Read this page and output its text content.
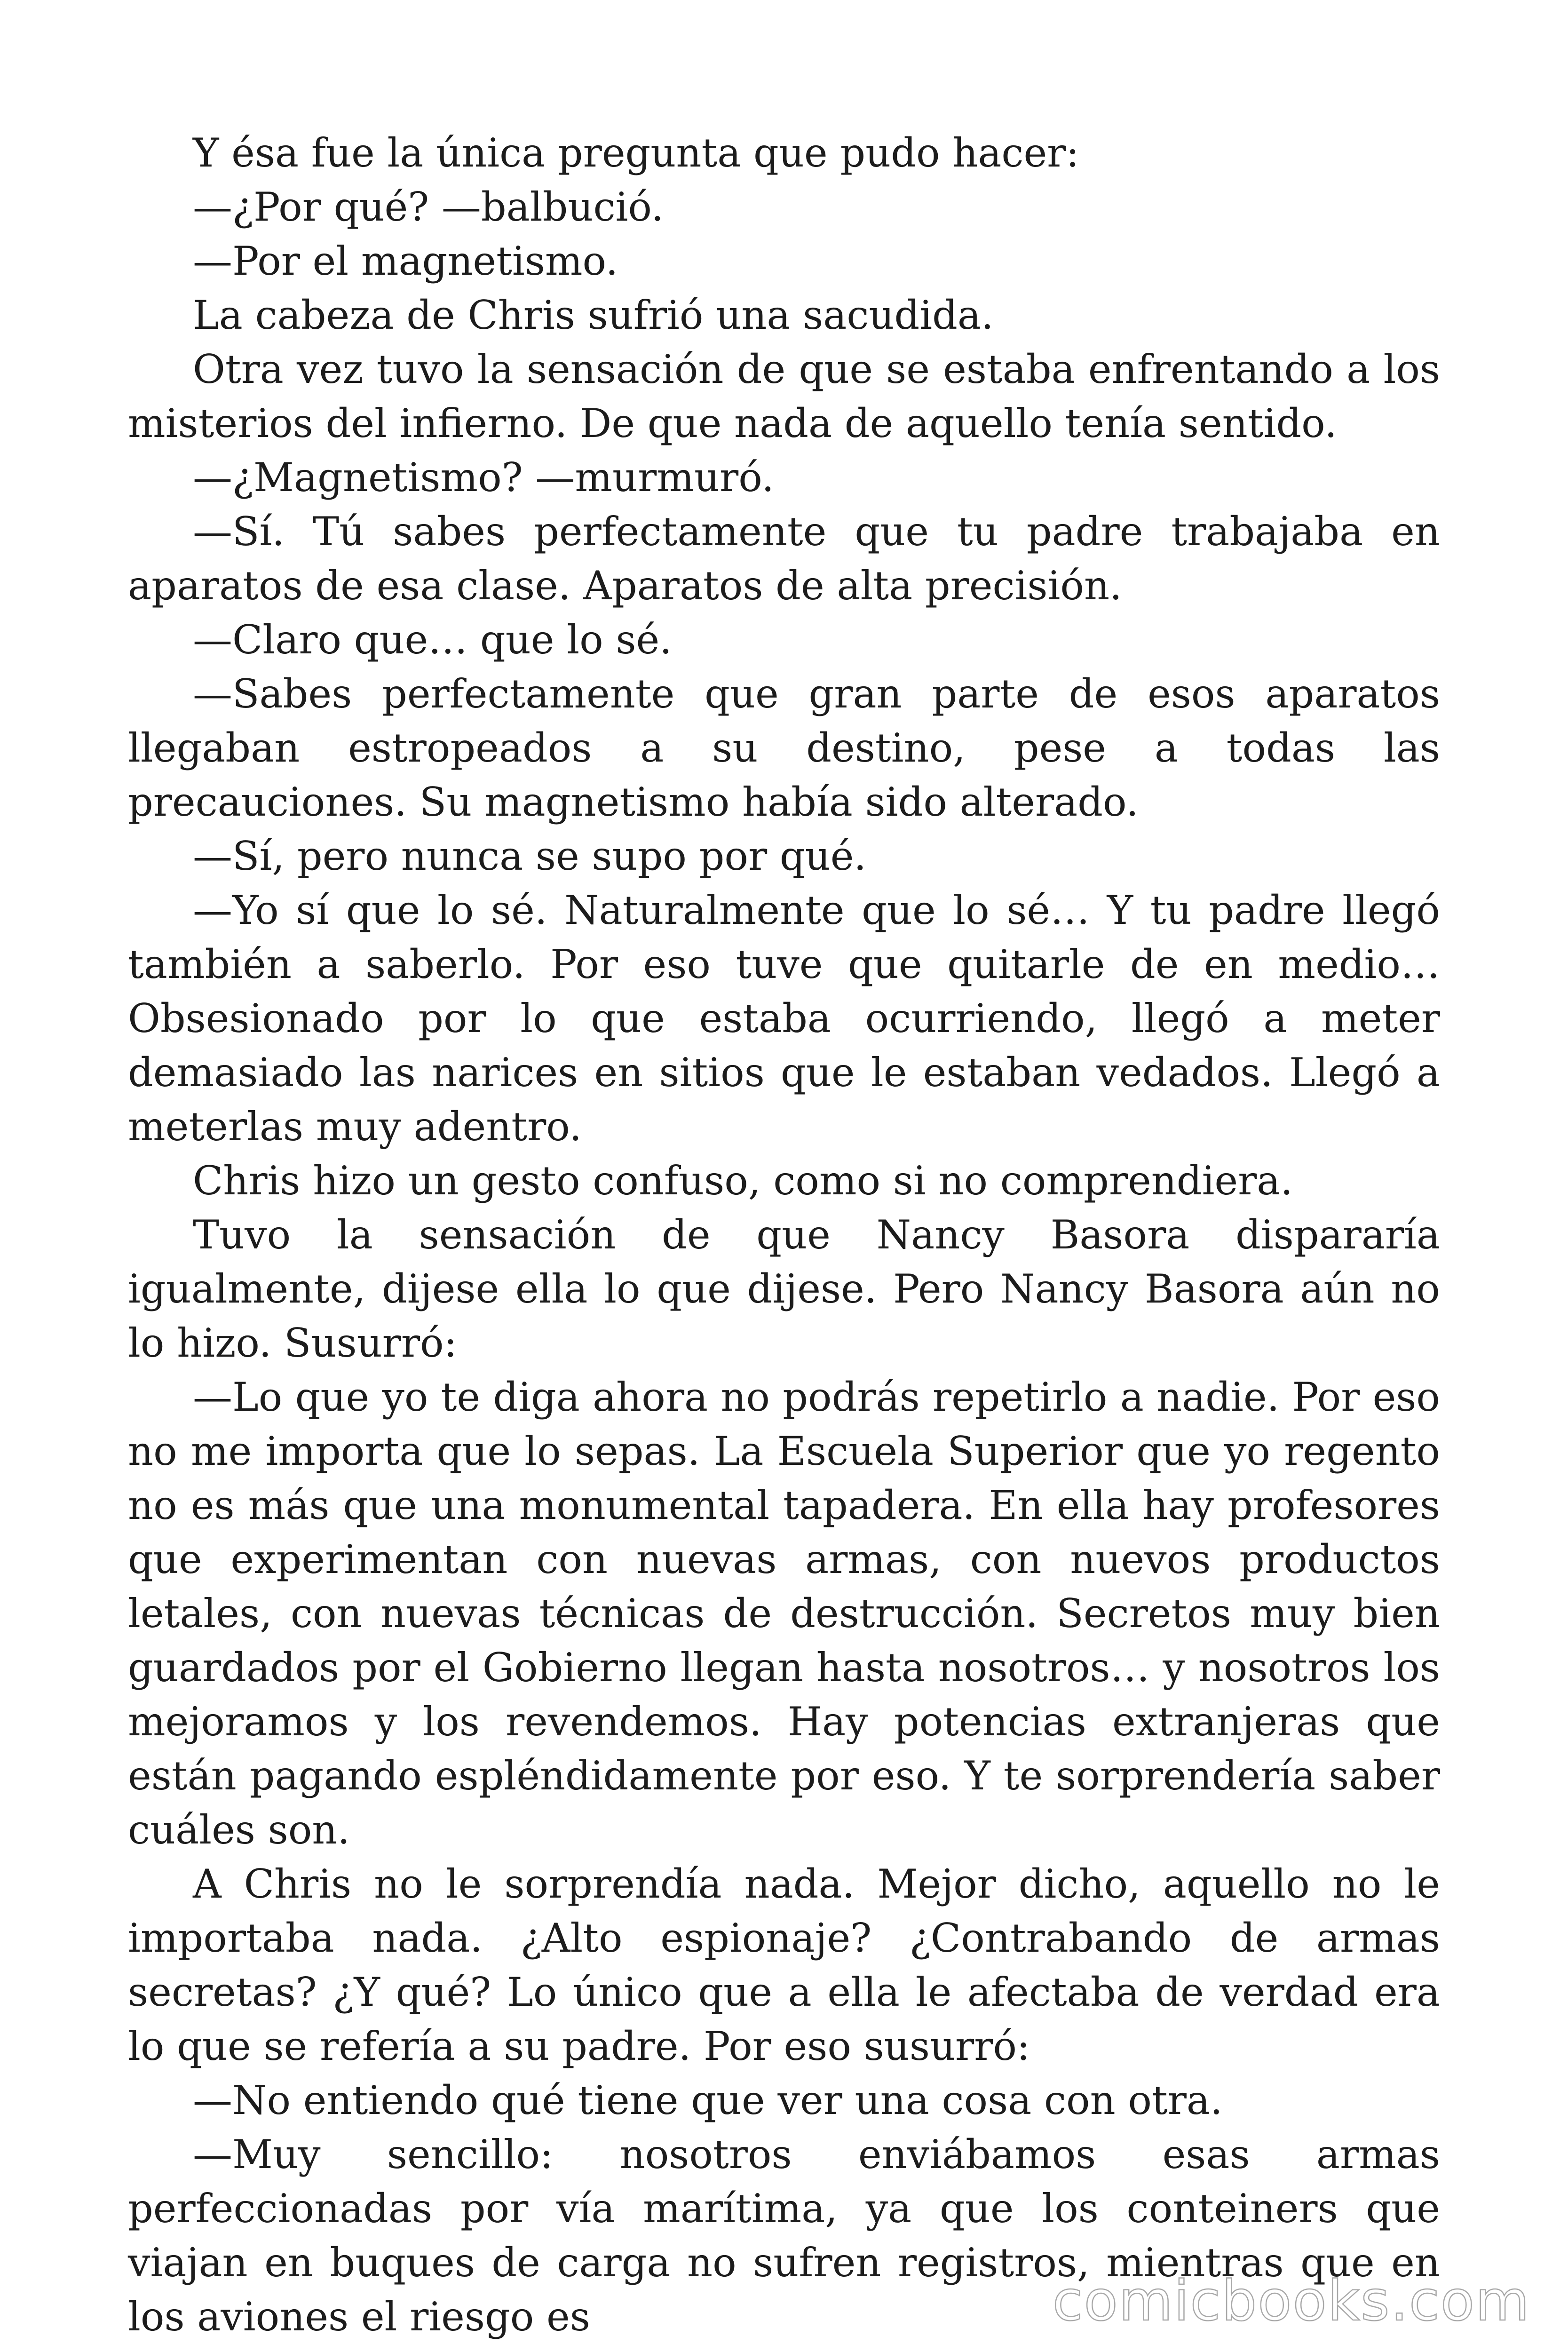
Y ésa fue la única pregunta que pudo hacer:

—¿Por qué? —balbució.

—Por el magnetismo.

La cabeza de Chris sufrió una sacudida.

Otra vez tuvo la sensación de que se estaba enfrentando a los misterios del infierno. De que nada de aquello tenía sentido.

—¿Magnetismo? —murmuró.

—Sí. Tú sabes perfectamente que tu padre trabajaba en aparatos de esa clase. Aparatos de alta precisión.

—Claro que… que lo sé.

—Sabes perfectamente que gran parte de esos aparatos llegaban estropeados a su destino, pese a todas las precauciones. Su magnetismo había sido alterado.

—Sí, pero nunca se supo por qué.

—Yo sí que lo sé. Naturalmente que lo sé… Y tu padre llegó también a saberlo. Por eso tuve que quitarle de en medio… Obsesionado por lo que estaba ocurriendo, llegó a meter demasiado las narices en sitios que le estaban vedados. Llegó a meterlas muy adentro.

Chris hizo un gesto confuso, como si no comprendiera.

Tuvo la sensación de que Nancy Basora dispararía igualmente, dijese ella lo que dijese. Pero Nancy Basora aún no lo hizo. Susurró:

—Lo que yo te diga ahora no podrás repetirlo a nadie. Por eso no me importa que lo sepas. La Escuela Superior que yo regento no es más que una monumental tapadera. En ella hay profesores que experimentan con nuevas armas, con nuevos productos letales, con nuevas técnicas de destrucción. Secretos muy bien guardados por el Gobierno llegan hasta nosotros… y nosotros los mejoramos y los revendemos. Hay potencias extranjeras que están pagando espléndidamente por eso. Y te sorprendería saber cuáles son.

A Chris no le sorprendía nada. Mejor dicho, aquello no le importaba nada. ¿Alto espionaje? ¿Contrabando de armas secretas? ¿Y qué? Lo único que a ella le afectaba de verdad era lo que se refería a su padre. Por eso susurró:

—No entiendo qué tiene que ver una cosa con otra.

—Muy sencillo: nosotros enviábamos esas armas perfeccionadas por vía marítima, ya que los conteiners que viajan en buques de carga no sufren registros, mientras que en los aviones el riesgo es	comicbooks.com
